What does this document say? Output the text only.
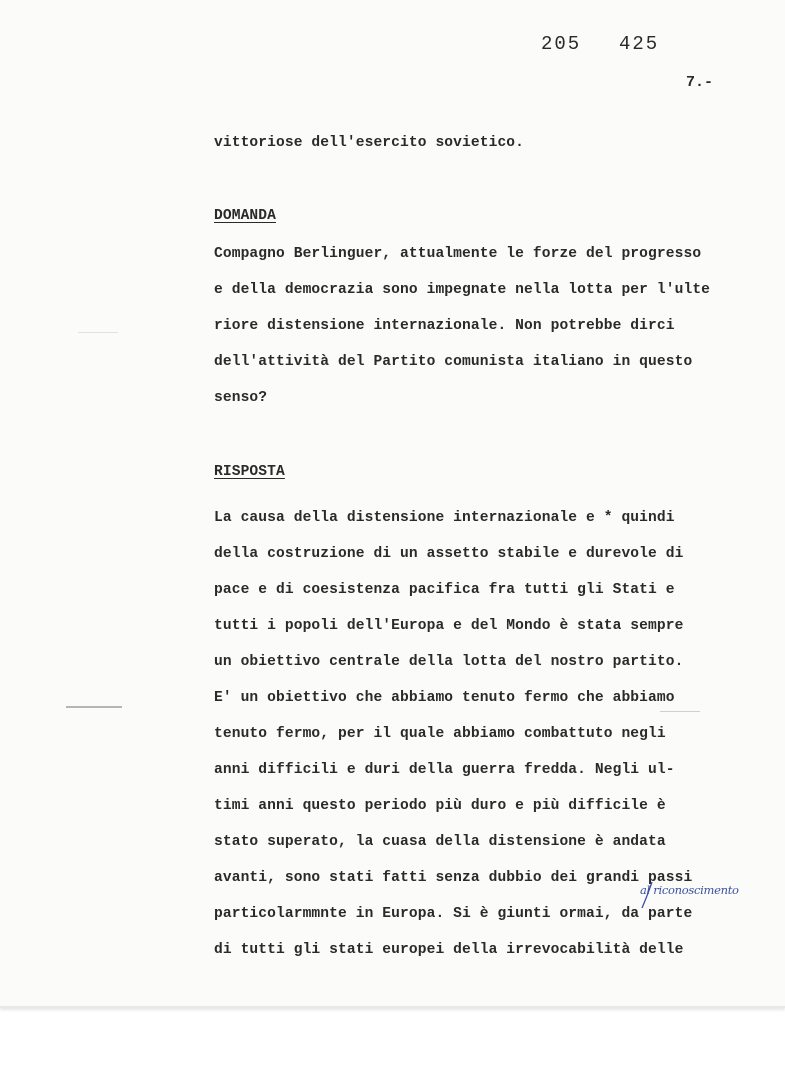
205 425
7.-
vittoriose dell'esercito sovietico.
DOMANDA
Compagno Berlinguer, attualmente le forze del progresso
e della democrazia sono impegnate nella lotta per l'ulte
riore distensione internazionale. Non potrebbe dirci
dell'attività del Partito comunista italiano in questo
senso?
RISPOSTA
La causa della distensione internazionale e * quindi
della costruzione di un assetto stabile e durevole di
pace e di coesistenza pacifica fra tutti gli Stati e
tutti i popoli dell'Europa e del Mondo è stata sempre
un obiettivo centrale della lotta del nostro partito.
E' un obiettivo che abbiamo tenuto fermo che abbiamo
tenuto fermo, per il quale abbiamo combattuto negli
anni difficili e duri della guerra fredda. Negli ul-
timi anni questo periodo più duro e più difficile è
stato superato, la cuasa della distensione è andata
avanti, sono stati fatti senza dubbio dei grandi passi
particolarmmnte in Europa. Si è giunti ormai, da parte
di tutti gli stati europei della irrevocabilità delle
al riconoscimento
